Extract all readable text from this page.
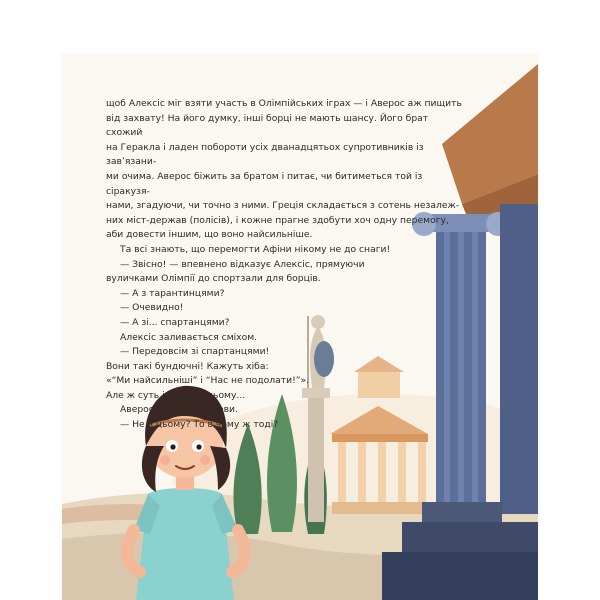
щоб Алексіс міг взяти участь в Олімпійських іграх — і Аверос аж пищить

від захвату! На його думку, інші борці не мають шансу. Його брат схожий

на Геракла і ладен побороти усіх дванадцятьох супротивників із зав’язани-

ми очима. Аверос біжить за братом і питає, чи битиметься той із сіракузя-

нами, згадуючи, чи точно з ними. Греція складається з сотень незалеж-

них міст-держав (полісів), і кожне прагне здобути хоч одну перемогу,

аби довести іншим, що воно найсильніше.

Та всі знають, що перемогти Афіни нікому не до снаги!

— Звісно! — впевнено відказує Алексіс, прямуючи

вуличками Олімпії до спортзали для борців.

— А з тарантинцями?

— Очевидно!

— А зі... спартанцями?

Алексіс заливається сміхом.

— Передовсім зі спартанцями!

Вони такі бундючні! Кажуть хіба:

«“Ми найсильніші” і “Нас не подолати!”».

Але ж суть ігор не в цьому...

Аверос насуплює брови.

— Не в цьому? То в чому ж тоді?
